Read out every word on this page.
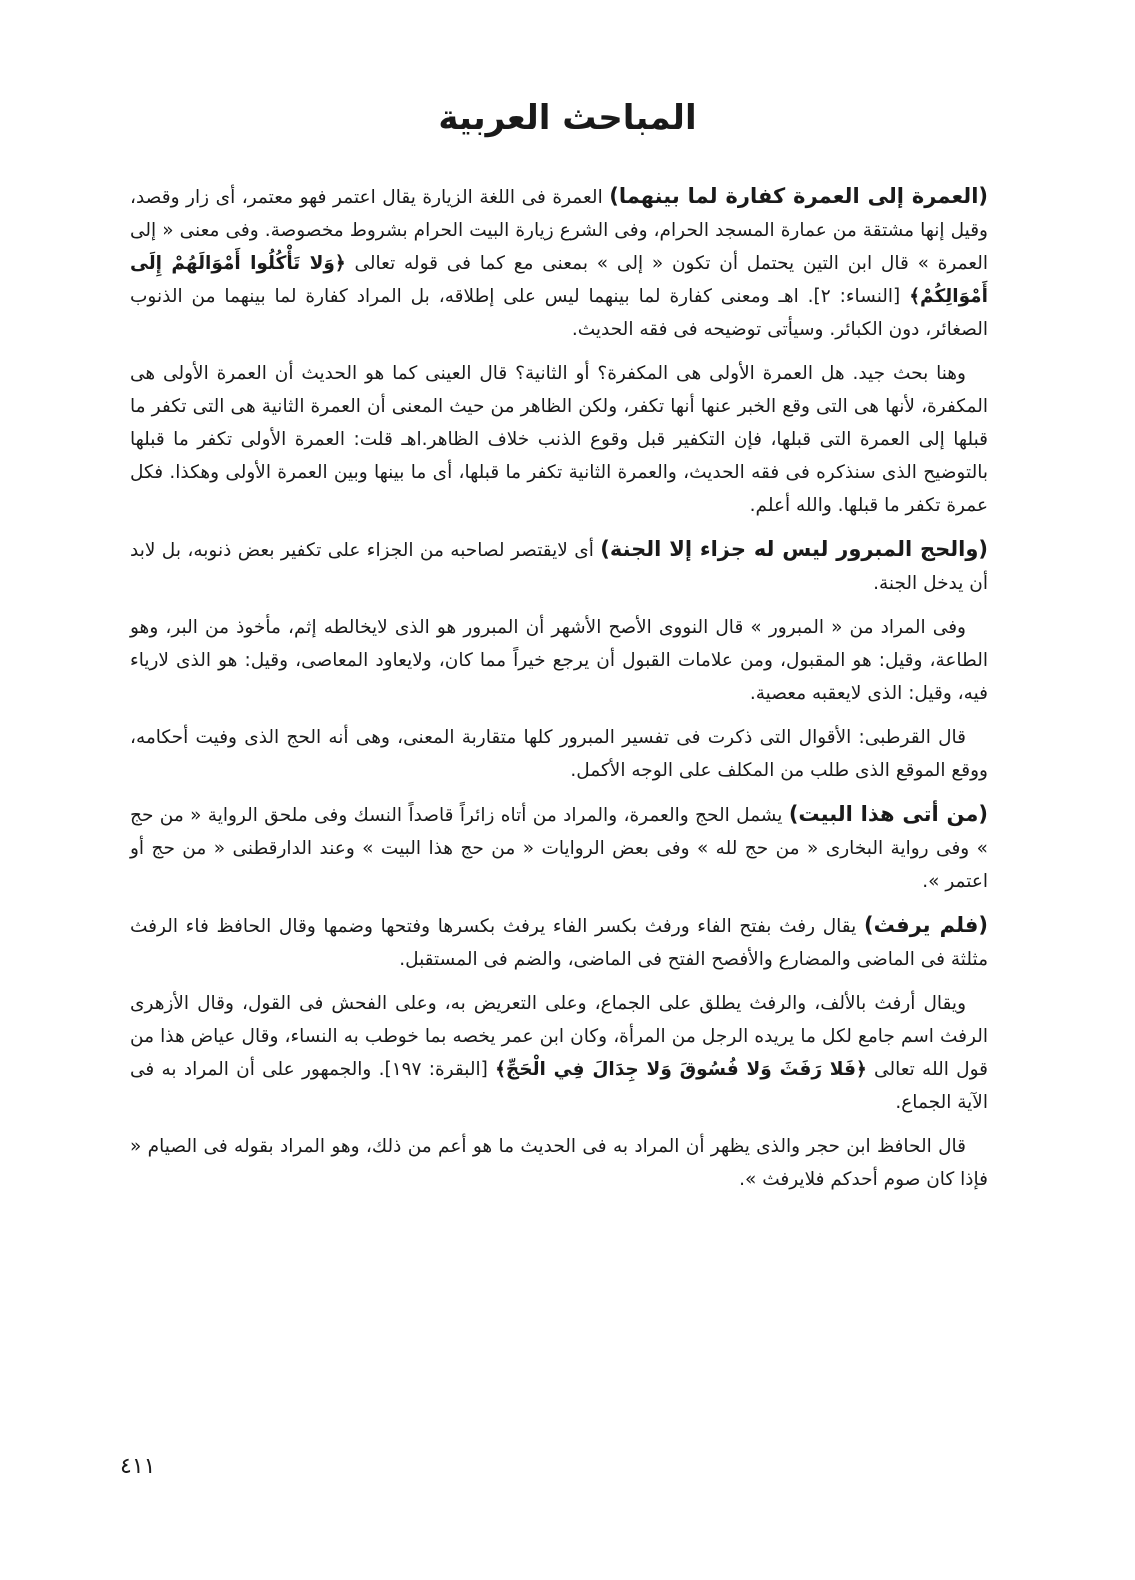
المباحث العربية

(العمرة إلى العمرة كفارة لما بينهما) العمرة فى اللغة الزيارة يقال اعتمر فهو معتمر، أى زار وقصد، وقيل إنها مشتقة من عمارة المسجد الحرام، وفى الشرع زيارة البيت الحرام بشروط مخصوصة. وفى معنى « إلى العمرة » قال ابن التين يحتمل أن تكون « إلى » بمعنى مع كما فى قوله تعالى ﴿وَلا تَأْكُلُوا أَمْوَالَهُمْ إِلَى أَمْوَالِكُمْ﴾ [النساء: ٢]. اهـ ومعنى كفارة لما بينهما ليس على إطلاقه، بل المراد كفارة لما بينهما من الذنوب الصغائر، دون الكبائر. وسيأتى توضيحه فى فقه الحديث.

وهنا بحث جيد. هل العمرة الأولى هى المكفرة؟ أو الثانية؟ قال العينى كما هو الحديث أن العمرة الأولى هى المكفرة، لأنها هى التى وقع الخبر عنها أنها تكفر، ولكن الظاهر من حيث المعنى أن العمرة الثانية هى التى تكفر ما قبلها إلى العمرة التى قبلها، فإن التكفير قبل وقوع الذنب خلاف الظاهر.اهـ قلت: العمرة الأولى تكفر ما قبلها بالتوضيح الذى سنذكره فى فقه الحديث، والعمرة الثانية تكفر ما قبلها، أى ما بينها وبين العمرة الأولى وهكذا. فكل عمرة تكفر ما قبلها. والله أعلم.

(والحج المبرور ليس له جزاء إلا الجنة) أى لايقتصر لصاحبه من الجزاء على تكفير بعض ذنوبه، بل لابد أن يدخل الجنة.

وفى المراد من « المبرور » قال النووى الأصح الأشهر أن المبرور هو الذى لايخالطه إثم، مأخوذ من البر، وهو الطاعة، وقيل: هو المقبول، ومن علامات القبول أن يرجع خيراً مما كان، ولايعاود المعاصى، وقيل: هو الذى لارياء فيه، وقيل: الذى لايعقبه معصية.

قال القرطبى: الأقوال التى ذكرت فى تفسير المبرور كلها متقاربة المعنى، وهى أنه الحج الذى وفيت أحكامه، ووقع الموقع الذى طلب من المكلف على الوجه الأكمل.

(من أتى هذا البيت) يشمل الحج والعمرة، والمراد من أتاه زائراً قاصداً النسك وفى ملحق الرواية « من حج » وفى رواية البخارى « من حج لله » وفى بعض الروايات « من حج هذا البيت » وعند الدارقطنى « من حج أو اعتمر ».

(فلم يرفث) يقال رفث بفتح الفاء ورفث بكسر الفاء يرفث بكسرها وفتحها وضمها وقال الحافظ فاء الرفث مثلثة فى الماضى والمضارع والأفصح الفتح فى الماضى، والضم فى المستقبل.

ويقال أرفث بالألف، والرفث يطلق على الجماع، وعلى التعريض به، وعلى الفحش فى القول، وقال الأزهرى الرفث اسم جامع لكل ما يريده الرجل من المرأة، وكان ابن عمر يخصه بما خوطب به النساء، وقال عياض هذا من قول الله تعالى ﴿فَلا رَفَثَ وَلا فُسُوقَ وَلا جِدَالَ فِي الْحَجِّ﴾ [البقرة: ١٩٧]. والجمهور على أن المراد به فى الآية الجماع.

قال الحافظ ابن حجر والذى يظهر أن المراد به فى الحديث ما هو أعم من ذلك، وهو المراد بقوله فى الصيام « فإذا كان صوم أحدكم فلايرفث ».

٤١١
